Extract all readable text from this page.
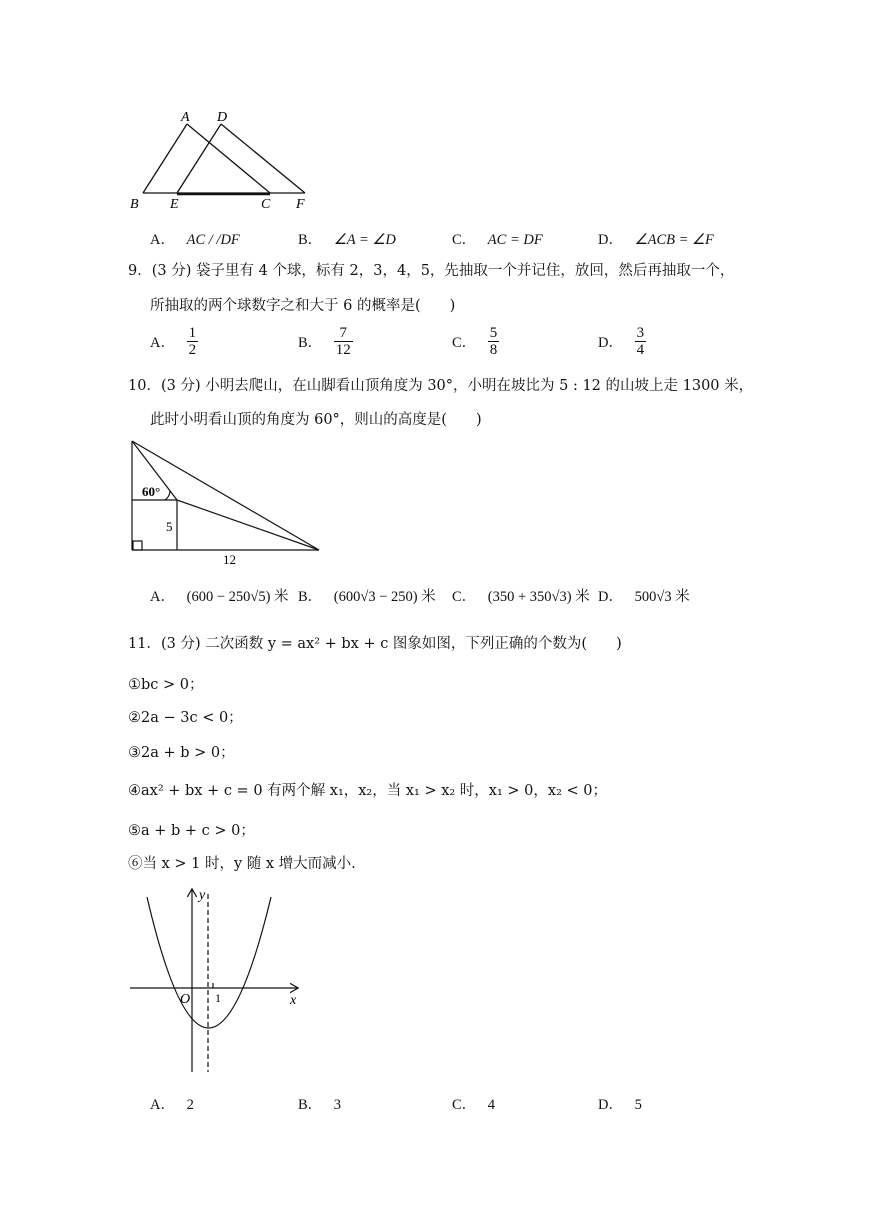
A D
B E	C F
A． AC / /DF	B． ∠A = ∠D	C． AC = DF	D． ∠ACB = ∠F
9．(3 分) 袋子里有 4 个球，标有 2，3，4，5，先抽取一个并记住，放回，然后再抽取一个，
所抽取的两个球数字之和大于 6 的概率是(　　)
A． $\frac{1}{2}$	B． $\frac{7}{12}$	C． $\frac{5}{8}$	D． $\frac{3}{4}$
10．(3 分) 小明去爬山，在山脚看山顶角度为 30°，小明在坡比为 5 : 12 的山坡上走 1300 米，
此时小明看山顶的角度为 60°，则山的高度是(　　)
60°
5
12
A． (600 − 250√5) 米 B． (600√3 − 250) 米 C． (350 + 350√3) 米 D． 500√3 米
11．(3 分) 二次函数 y = ax² + bx + c 图象如图，下列正确的个数为(　　)
①bc > 0；
②2a − 3c < 0；
③2a + b > 0；
④ax² + bx + c = 0 有两个解 x₁，x₂，当 x₁ > x₂ 时，x₁ > 0，x₂ < 0；
⑤a + b + c > 0；
⑥当 x > 1 时，y 随 x 增大而减小.
y
x
O 1
A． 2	B． 3	C． 4	D． 5
